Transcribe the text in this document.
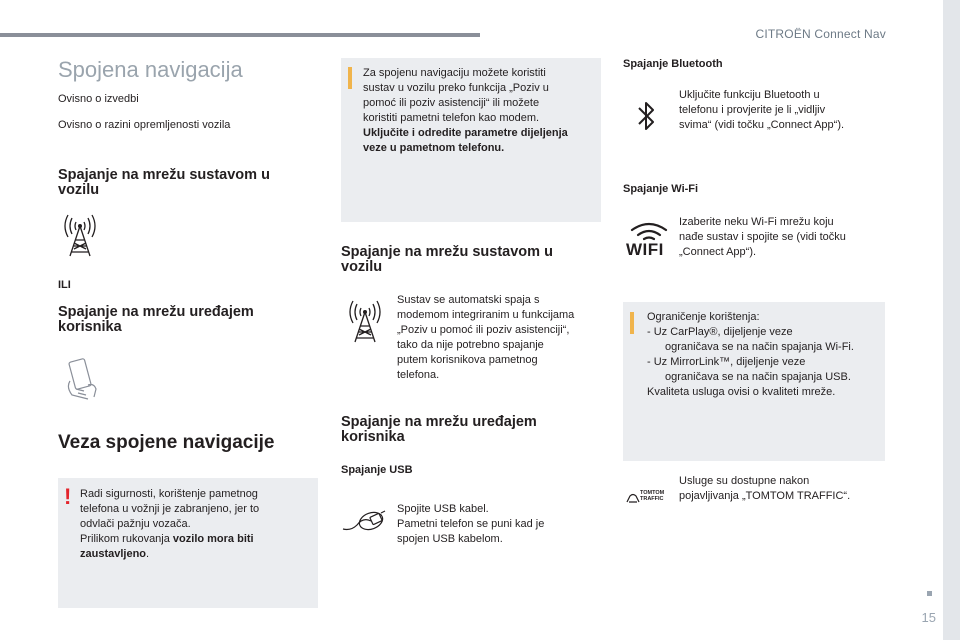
CITROËN Connect Nav
15
Spojena navigacija
Ovisno o izvedbi
Ovisno o razini opremljenosti vozila
Spajanje na mrežu sustavom u vozilu
ILI
Spajanje na mrežu uređajem korisnika
Veza spojene navigacije
! Radi sigurnosti, korištenje pametnog
telefona u vožnji je zabranjeno, jer to
odvlači pažnju vozača.
Prilikom rukovanja vozilo mora biti
zaustavljeno.
Za spojenu navigaciju možete koristiti
sustav u vozilu preko funkcija „Poziv u
pomoć ili poziv asistenciji“ ili možete
koristiti pametni telefon kao modem.
Uključite i odredite parametre dijeljenja
veze u pametnom telefonu.
Spajanje na mrežu sustavom u vozilu
Sustav se automatski spaja s
modemom integriranim u funkcijama
„Poziv u pomoć ili poziv asistenciji“,
tako da nije potrebno spajanje
putem korisnikova pametnog
telefona.
Spajanje na mrežu uređajem korisnika
Spajanje USB
Spojite USB kabel.
Pametni telefon se puni kad je
spojen USB kabelom.
Spajanje Bluetooth
Uključite funkciju Bluetooth u
telefonu i provjerite je li „vidljiv
svima“ (vidi točku „Connect App“).
Spajanje Wi-Fi
WIFI
Izaberite neku Wi-Fi mrežu koju
nađe sustav i spojite se (vidi točku
„Connect App“).
Ograničenje korištenja:
- Uz CarPlay®, dijeljenje veze
ograničava se na način spajanja Wi-Fi.
- Uz MirrorLink™, dijeljenje veze
ograničava se na način spajanja USB.
Kvaliteta usluga ovisi o kvaliteti mreže.
TOMTOM
TRAFFIC
Usluge su dostupne nakon
pojavljivanja „TOMTOM TRAFFIC“.
